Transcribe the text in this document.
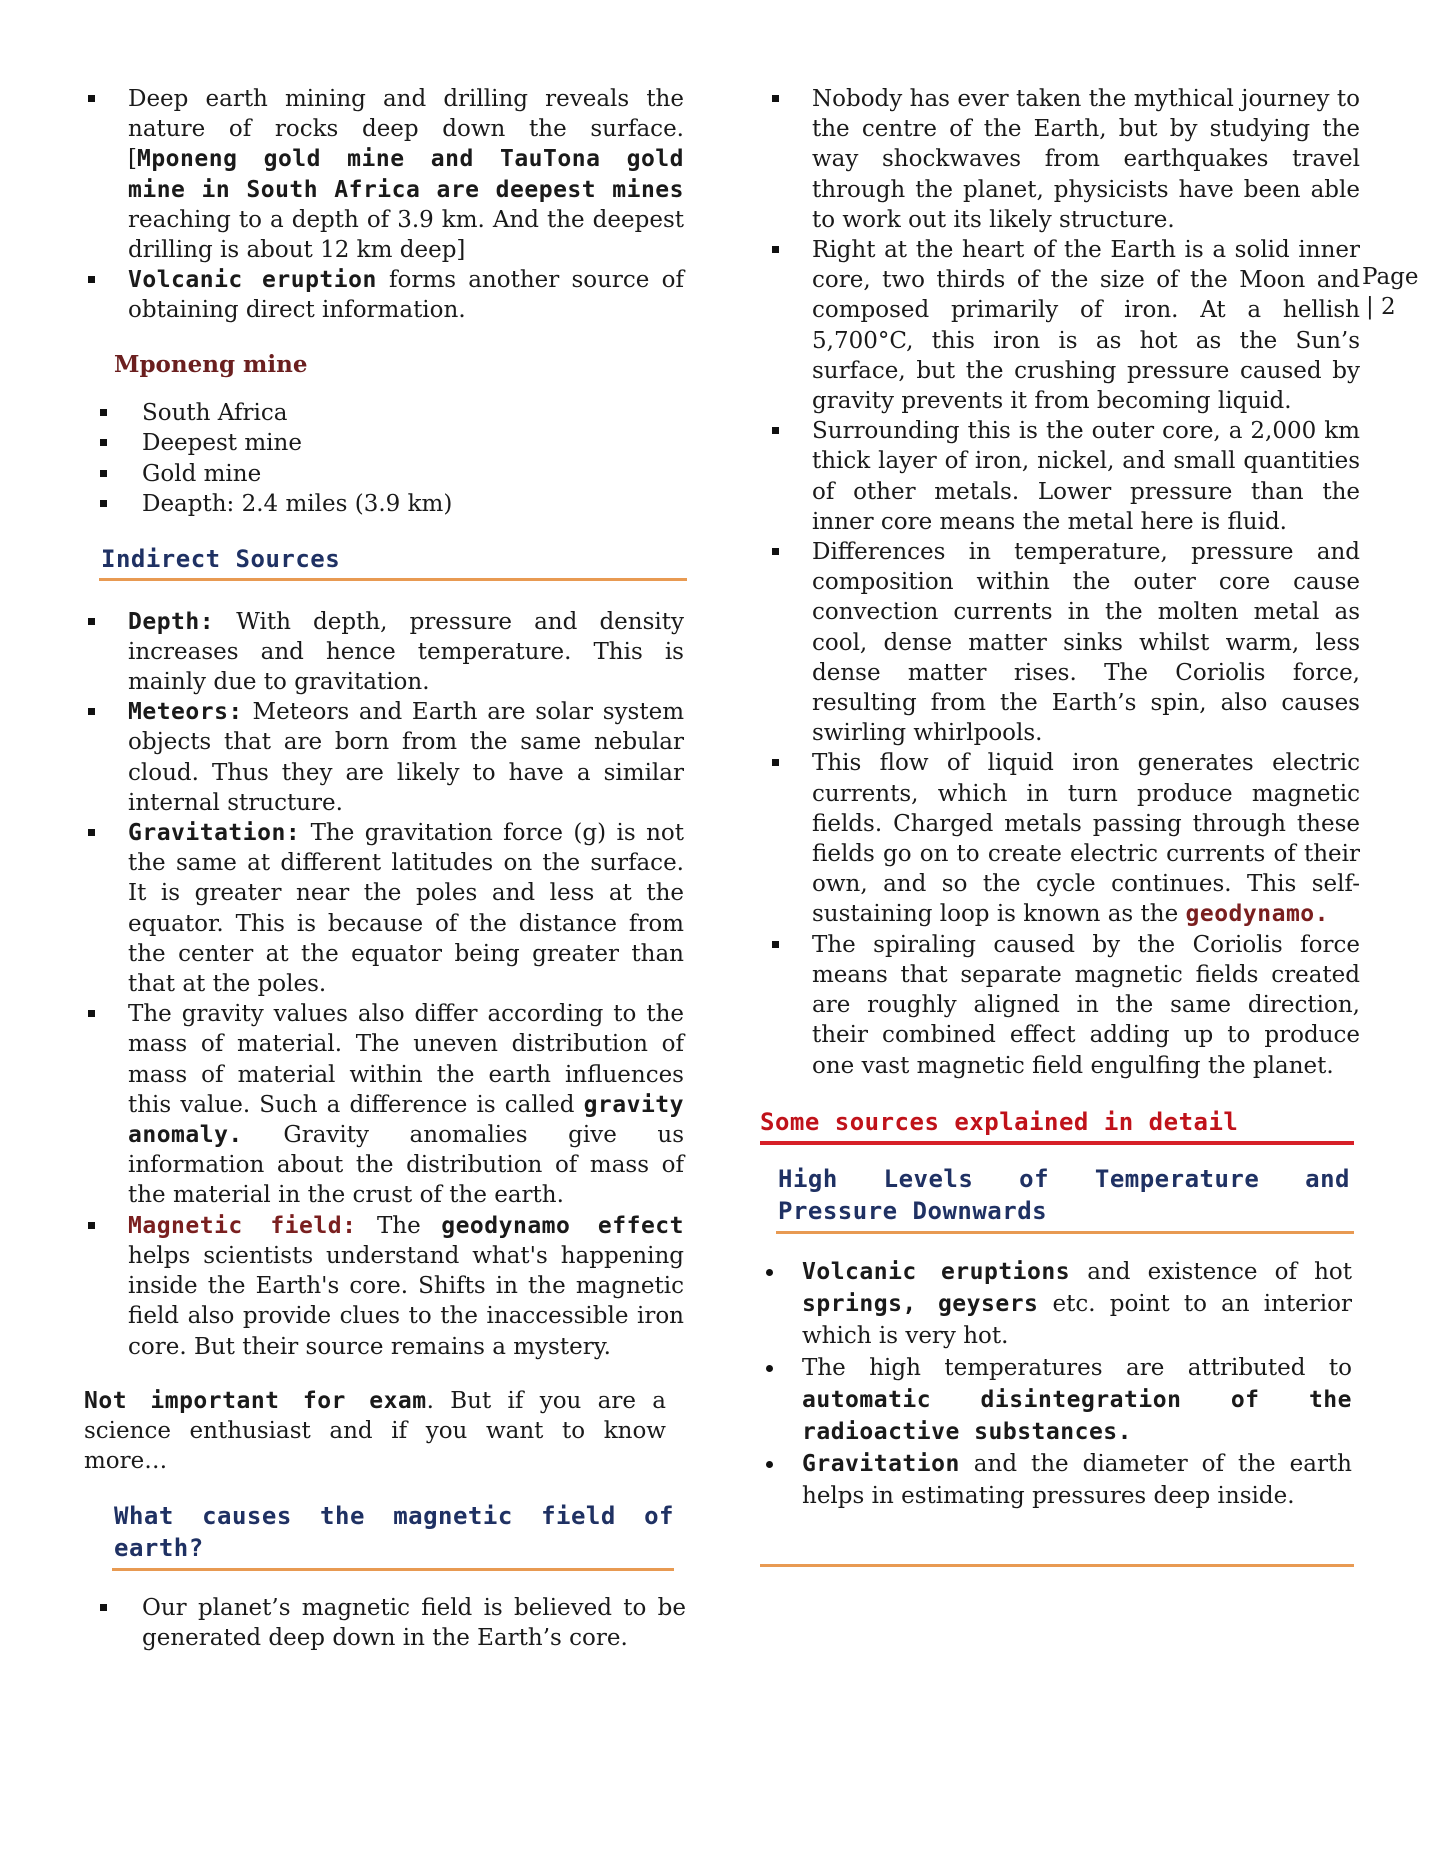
Deep earth mining and drilling reveals the nature of rocks deep down the surface. [Mponeng gold mine and TauTona gold mine in South Africa are deepest mines reaching to a depth of 3.9 km. And the deepest drilling is about 12 km deep]
Volcanic eruption forms another source of obtaining direct information.
Mponeng mine
South Africa
Deepest mine
Gold mine
Deapth: 2.4 miles (3.9 km)
Indirect Sources
Depth: With depth, pressure and density increases and hence temperature. This is mainly due to gravitation.
Meteors: Meteors and Earth are solar system objects that are born from the same nebular cloud. Thus they are likely to have a similar internal structure.
Gravitation: The gravitation force (g) is not the same at different latitudes on the surface. It is greater near the poles and less at the equator. This is because of the distance from the center at the equator being greater than that at the poles.
The gravity values also differ according to the mass of material. The uneven distribution of mass of material within the earth influences this value. Such a difference is called gravity anomaly. Gravity anomalies give us information about the distribution of mass of the material in the crust of the earth.
Magnetic field: The geodynamo effect helps scientists understand what's happening inside the Earth's core. Shifts in the magnetic field also provide clues to the inaccessible iron core. But their source remains a mystery.

Not important for exam. But if you are a science enthusiast and if you want to know more…

What causes the magnetic field of earth?
Our planet’s magnetic field is believed to be generated deep down in the Earth’s core.
Page
| 2
Nobody has ever taken the mythical journey to the centre of the Earth, but by studying the way shockwaves from earthquakes travel through the planet, physicists have been able to work out its likely structure.
Right at the heart of the Earth is a solid inner core, two thirds of the size of the Moon and composed primarily of iron. At a hellish 5,700°C, this iron is as hot as the Sun’s surface, but the crushing pressure caused by gravity prevents it from becoming liquid.
Surrounding this is the outer core, a 2,000 km thick layer of iron, nickel, and small quantities of other metals. Lower pressure than the inner core means the metal here is fluid.
Differences in temperature, pressure and composition within the outer core cause convection currents in the molten metal as cool, dense matter sinks whilst warm, less dense matter rises. The Coriolis force, resulting from the Earth’s spin, also causes swirling whirlpools.
This flow of liquid iron generates electric currents, which in turn produce magnetic fields. Charged metals passing through these fields go on to create electric currents of their own, and so the cycle continues. This self-sustaining loop is known as the geodynamo.
The spiraling caused by the Coriolis force means that separate magnetic fields created are roughly aligned in the same direction, their combined effect adding up to produce one vast magnetic field engulfing the planet.
Some sources explained in detail
High Levels of Temperature and Pressure Downwards
Volcanic eruptions and existence of hot springs, geysers etc. point to an interior which is very hot.
The high temperatures are attributed to automatic disintegration of the radioactive substances.
Gravitation and the diameter of the earth helps in estimating pressures deep inside.
